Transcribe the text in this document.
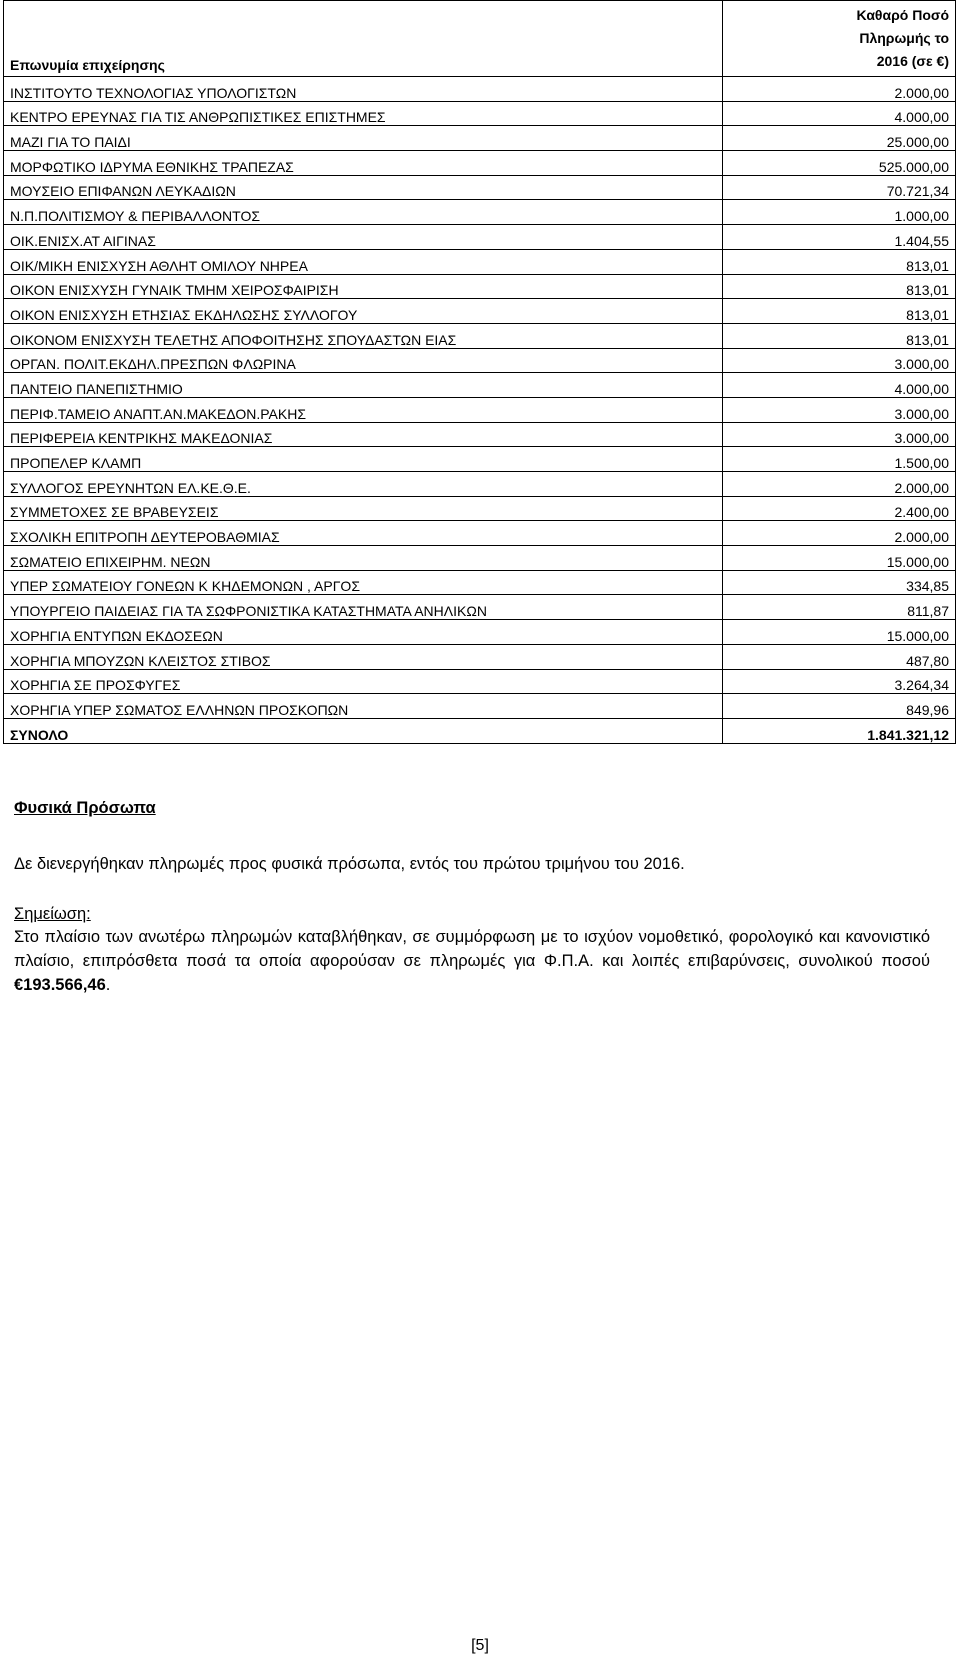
Επωνυμία επιχείρησης	Καθαρό Ποσό
Πληρωμής το
2016 (σε €)

ΙΝΣΤΙΤΟΥΤΟ ΤΕΧΝΟΛΟΓΙΑΣ ΥΠΟΛΟΓΙΣΤΩΝ	2.000,00
ΚΕΝΤΡΟ ΕΡΕΥΝΑΣ ΓΙΑ ΤΙΣ ΑΝΘΡΩΠΙΣΤΙΚΕΣ ΕΠΙΣΤΗΜΕΣ	4.000,00
ΜΑΖΙ ΓΙΑ ΤΟ ΠΑΙΔΙ	25.000,00
ΜΟΡΦΩΤΙΚΟ ΙΔΡΥΜΑ ΕΘΝΙΚΗΣ ΤΡΑΠΕΖΑΣ	525.000,00
ΜΟΥΣΕΙΟ ΕΠΙΦΑΝΩΝ ΛΕΥΚΑΔΙΩΝ	70.721,34
Ν.Π.ΠΟΛΙΤΙΣΜΟΥ & ΠΕΡΙΒΑΛΛΟΝΤΟΣ	1.000,00
ΟΙΚ.ΕΝΙΣΧ.ΑΤ ΑΙΓΙΝΑΣ	1.404,55
ΟΙΚ/ΜΙΚΗ ΕΝΙΣΧΥΣΗ ΑΘΛΗΤ ΟΜΙΛΟΥ ΝΗΡΕΑ	813,01
ΟΙΚΟΝ ΕΝΙΣΧΥΣΗ ΓΥΝΑΙΚ ΤΜΗΜ ΧΕΙΡΟΣΦΑΙΡΙΣΗ	813,01
ΟΙΚΟΝ ΕΝΙΣΧΥΣΗ ΕΤΗΣΙΑΣ ΕΚΔΗΛΩΣΗΣ ΣΥΛΛΟΓΟΥ	813,01
ΟΙΚΟΝΟΜ ΕΝΙΣΧΥΣΗ ΤΕΛΕΤΗΣ ΑΠΟΦΟΙΤΗΣΗΣ ΣΠΟΥΔΑΣΤΩΝ ΕΙΑΣ	813,01
ΟΡΓΑΝ. ΠΟΛΙΤ.ΕΚΔΗΛ.ΠΡΕΣΠΩΝ ΦΛΩΡΙΝΑ	3.000,00
ΠΑΝΤΕΙΟ ΠΑΝΕΠΙΣΤΗΜΙΟ	4.000,00
ΠΕΡΙΦ.ΤΑΜΕΙΟ ΑΝΑΠΤ.ΑΝ.ΜΑΚΕΔΟΝ.ΡΑΚΗΣ	3.000,00
ΠΕΡΙΦΕΡΕΙΑ ΚΕΝΤΡΙΚΗΣ ΜΑΚΕΔΟΝΙΑΣ	3.000,00
ΠΡΟΠΕΛΕΡ ΚΛΑΜΠ	1.500,00
ΣΥΛΛΟΓΟΣ ΕΡΕΥΝΗΤΩΝ ΕΛ.ΚΕ.Θ.Ε.	2.000,00
ΣΥΜΜΕΤΟΧΕΣ ΣΕ ΒΡΑΒΕΥΣΕΙΣ	2.400,00
ΣΧΟΛΙΚΗ ΕΠΙΤΡΟΠΗ ΔΕΥΤΕΡΟΒΑΘΜΙΑΣ	2.000,00
ΣΩΜΑΤΕΙΟ ΕΠΙΧΕΙΡΗΜ. ΝΕΩΝ	15.000,00
ΥΠΕΡ ΣΩΜΑΤΕΙΟΥ ΓΟΝΕΩΝ Κ ΚΗΔΕΜΟΝΩΝ , ΑΡΓΟΣ	334,85
ΥΠΟΥΡΓΕΙΟ ΠΑΙΔΕΙΑΣ ΓΙΑ ΤΑ ΣΩΦΡΟΝΙΣΤΙΚΑ ΚΑΤΑΣΤΗΜΑΤΑ ΑΝΗΛΙΚΩΝ	811,87
ΧΟΡΗΓΙΑ ΕΝΤΥΠΩΝ ΕΚΔΟΣΕΩΝ	15.000,00
ΧΟΡΗΓΙΑ ΜΠΟΥΖΩΝ ΚΛΕΙΣΤΟΣ ΣΤΙΒΟΣ	487,80
ΧΟΡΗΓΙΑ ΣΕ ΠΡΟΣΦΥΓΕΣ	3.264,34
ΧΟΡΗΓΙΑ ΥΠΕΡ ΣΩΜΑΤΟΣ ΕΛΛΗΝΩΝ ΠΡΟΣΚΟΠΩΝ	849,96
ΣΥΝΟΛΟ	1.841.321,12
Φυσικά Πρόσωπα
Δε διενεργήθηκαν πληρωμές προς φυσικά πρόσωπα, εντός του πρώτου τριμήνου του 2016.
Σημείωση:
Στο πλαίσιο των ανωτέρω πληρωμών καταβλήθηκαν, σε συμμόρφωση με το ισχύον νομοθετικό, φορολογικό και κανονιστικό πλαίσιο, επιπρόσθετα ποσά τα οποία αφορούσαν σε πληρωμές για Φ.Π.Α. και λοιπές επιβαρύνσεις, συνολικού ποσού €193.566,46.
[5]
